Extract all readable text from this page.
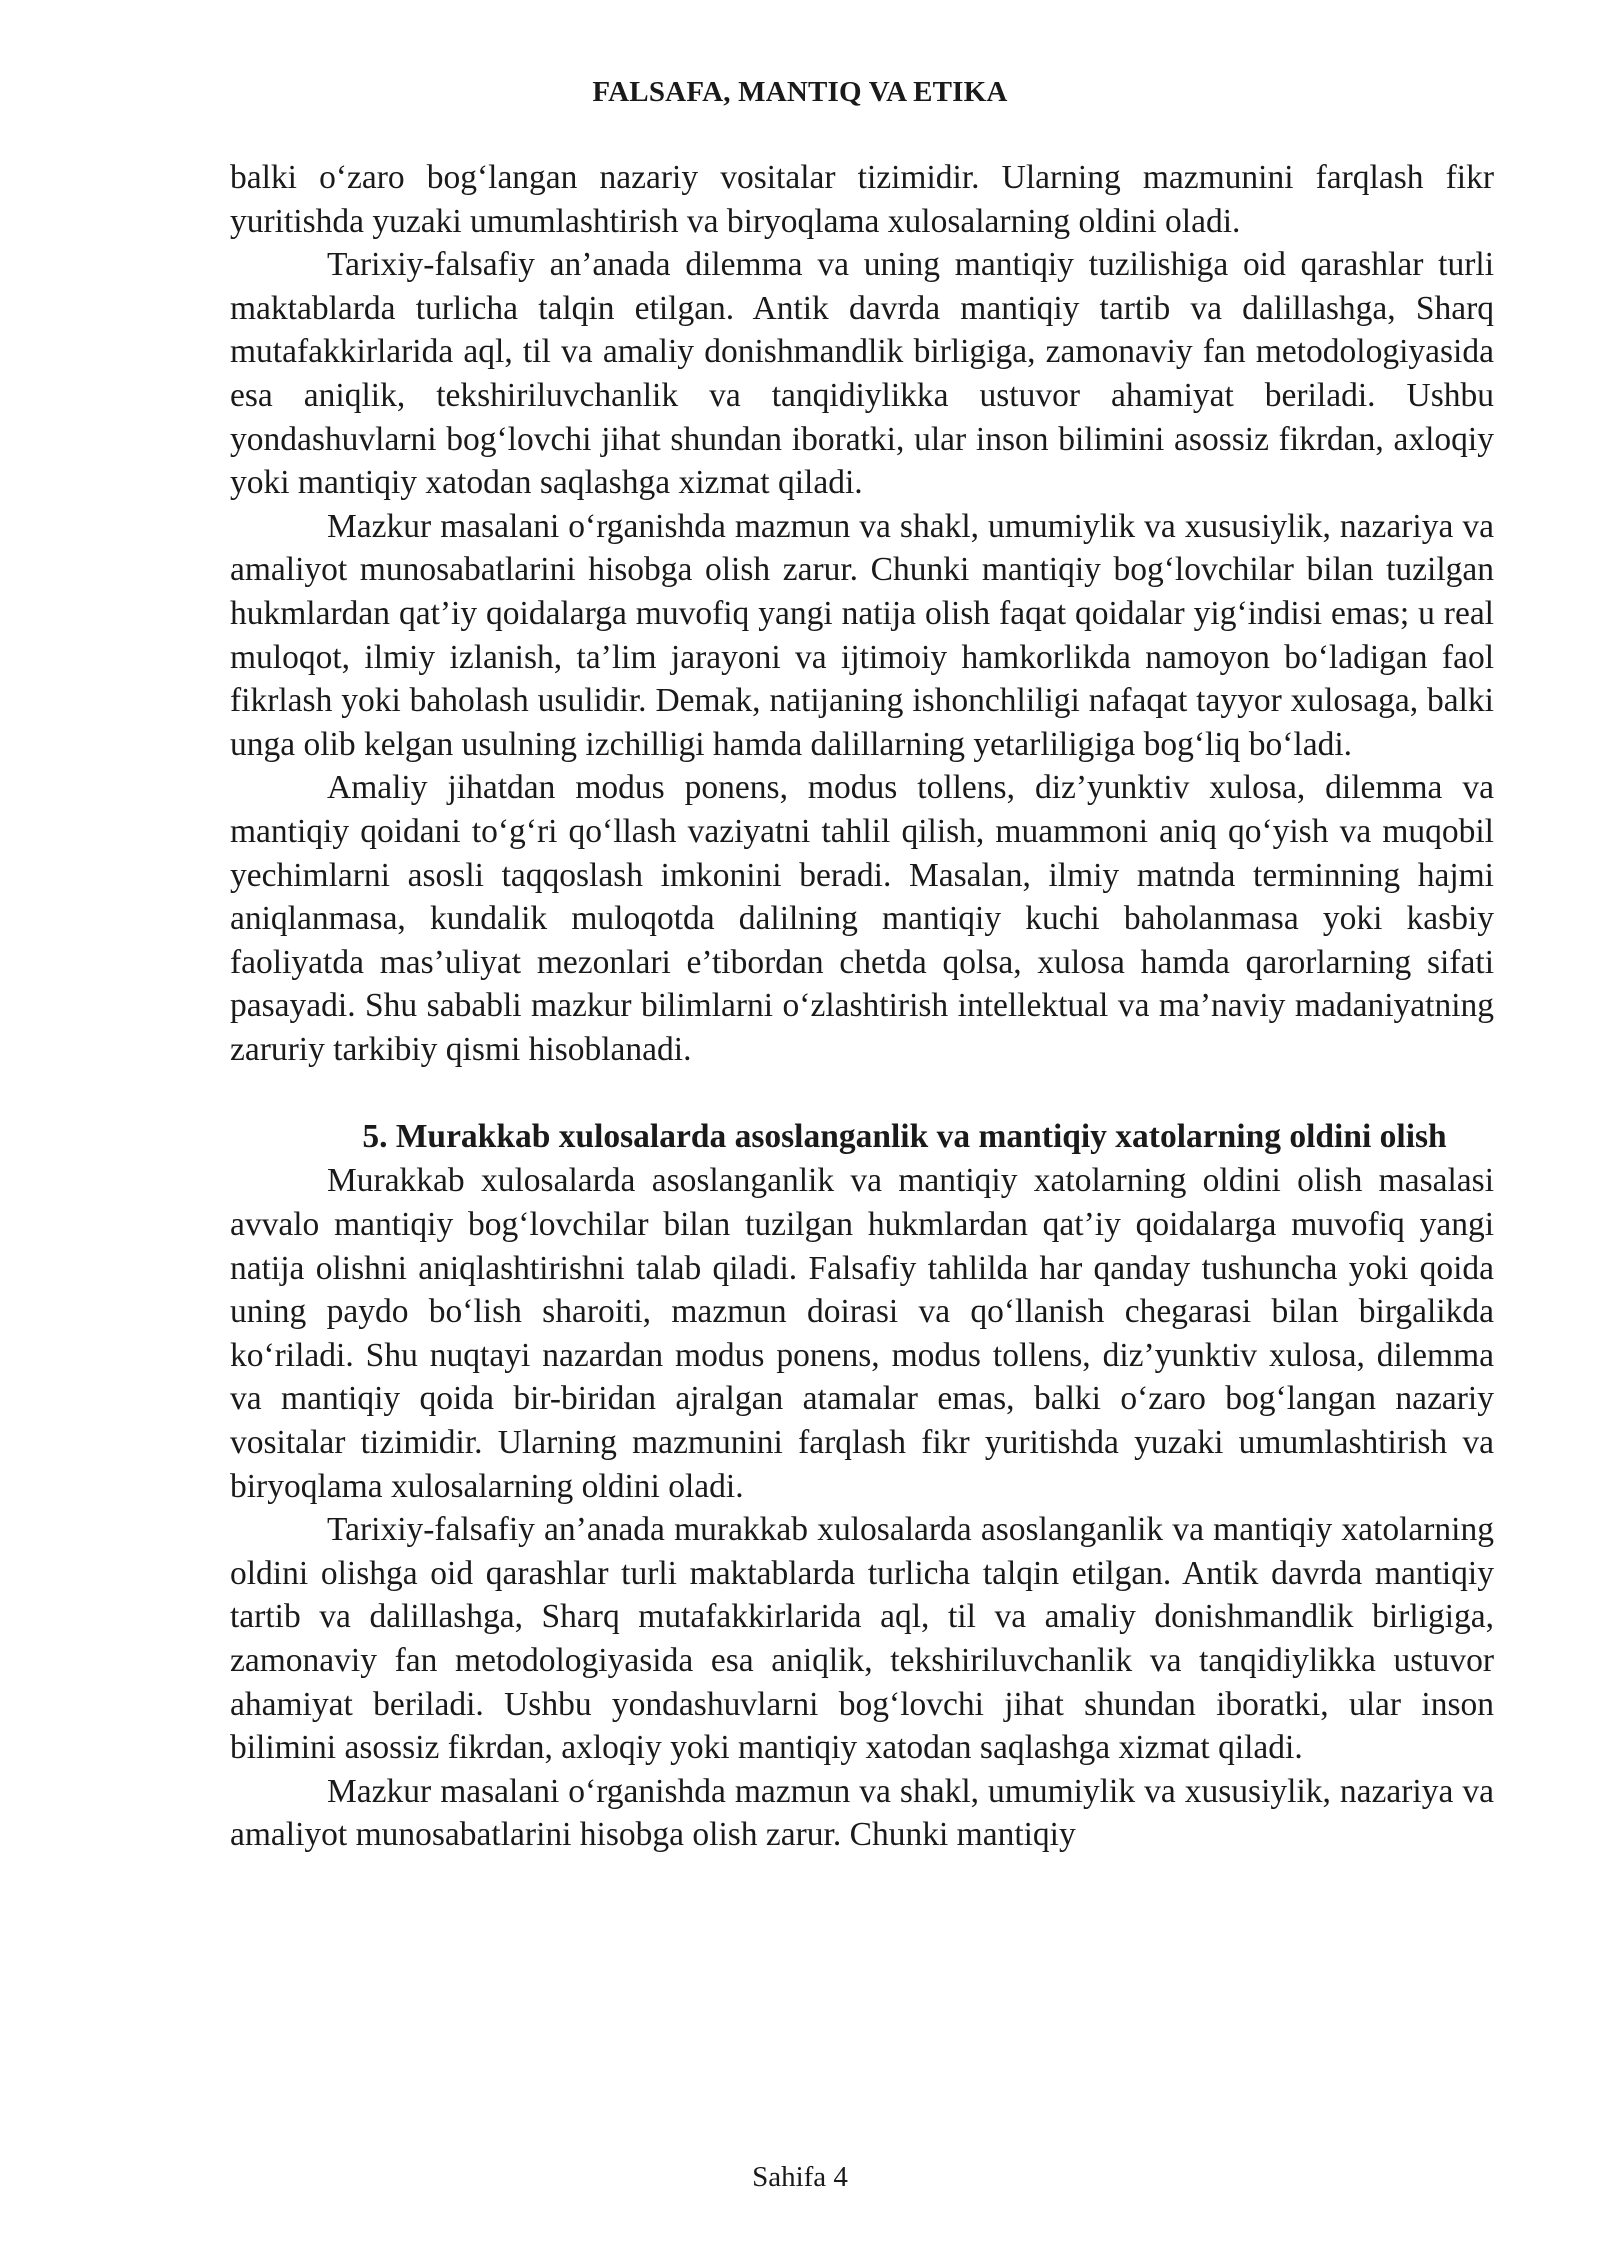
FALSAFA, MANTIQ VA ETIKA

balki o‘zaro bog‘langan nazariy vositalar tizimidir. Ularning mazmunini farqlash fikr yuritishda yuzaki umumlashtirish va biryoqlama xulosalarning oldini oladi.

Tarixiy-falsafiy an’anada dilemma va uning mantiqiy tuzilishiga oid qarashlar turli maktablarda turlicha talqin etilgan. Antik davrda mantiqiy tartib va dalillashga, Sharq mutafakkirlarida aql, til va amaliy donishmandlik birligiga, zamonaviy fan metodologiyasida esa aniqlik, tekshiriluvchanlik va tanqidiylikka ustuvor ahamiyat beriladi. Ushbu yondashuvlarni bog‘lovchi jihat shundan iboratki, ular inson bilimini asossiz fikrdan, axloqiy yoki mantiqiy xatodan saqlashga xizmat qiladi.

Mazkur masalani o‘rganishda mazmun va shakl, umumiylik va xususiylik, nazariya va amaliyot munosabatlarini hisobga olish zarur. Chunki mantiqiy bog‘lovchilar bilan tuzilgan hukmlardan qat’iy qoidalarga muvofiq yangi natija olish faqat qoidalar yig‘indisi emas; u real muloqot, ilmiy izlanish, ta’lim jarayoni va ijtimoiy hamkorlikda namoyon bo‘ladigan faol fikrlash yoki baholash usulidir. Demak, natijaning ishonchliligi nafaqat tayyor xulosaga, balki unga olib kelgan usulning izchilligi hamda dalillarning yetarliligiga bog‘liq bo‘ladi.

Amaliy jihatdan modus ponens, modus tollens, diz’yunktiv xulosa, dilemma va mantiqiy qoidani to‘g‘ri qo‘llash vaziyatni tahlil qilish, muammoni aniq qo‘yish va muqobil yechimlarni asosli taqqoslash imkonini beradi. Masalan, ilmiy matnda terminning hajmi aniqlanmasa, kundalik muloqotda dalilning mantiqiy kuchi baholanmasa yoki kasbiy faoliyatda mas’uliyat mezonlari e’tibordan chetda qolsa, xulosa hamda qarorlarning sifati pasayadi. Shu sababli mazkur bilimlarni o‘zlashtirish intellektual va ma’naviy madaniyatning zaruriy tarkibiy qismi hisoblanadi.

5. Murakkab xulosalarda asoslanganlik va mantiqiy xatolarning oldini olish

Murakkab xulosalarda asoslanganlik va mantiqiy xatolarning oldini olish masalasi avvalo mantiqiy bog‘lovchilar bilan tuzilgan hukmlardan qat’iy qoidalarga muvofiq yangi natija olishni aniqlashtirishni talab qiladi. Falsafiy tahlilda har qanday tushuncha yoki qoida uning paydo bo‘lish sharoiti, mazmun doirasi va qo‘llanish chegarasi bilan birgalikda ko‘riladi. Shu nuqtayi nazardan modus ponens, modus tollens, diz’yunktiv xulosa, dilemma va mantiqiy qoida bir-biridan ajralgan atamalar emas, balki o‘zaro bog‘langan nazariy vositalar tizimidir. Ularning mazmunini farqlash fikr yuritishda yuzaki umumlashtirish va biryoqlama xulosalarning oldini oladi.

Tarixiy-falsafiy an’anada murakkab xulosalarda asoslanganlik va mantiqiy xatolarning oldini olishga oid qarashlar turli maktablarda turlicha talqin etilgan. Antik davrda mantiqiy tartib va dalillashga, Sharq mutafakkirlarida aql, til va amaliy donishmandlik birligiga, zamonaviy fan metodologiyasida esa aniqlik, tekshiriluvchanlik va tanqidiylikka ustuvor ahamiyat beriladi. Ushbu yondashuvlarni bog‘lovchi jihat shundan iboratki, ular inson bilimini asossiz fikrdan, axloqiy yoki mantiqiy xatodan saqlashga xizmat qiladi.

Mazkur masalani o‘rganishda mazmun va shakl, umumiylik va xususiylik, nazariya va amaliyot munosabatlarini hisobga olish zarur. Chunki mantiqiy

Sahifa 4
